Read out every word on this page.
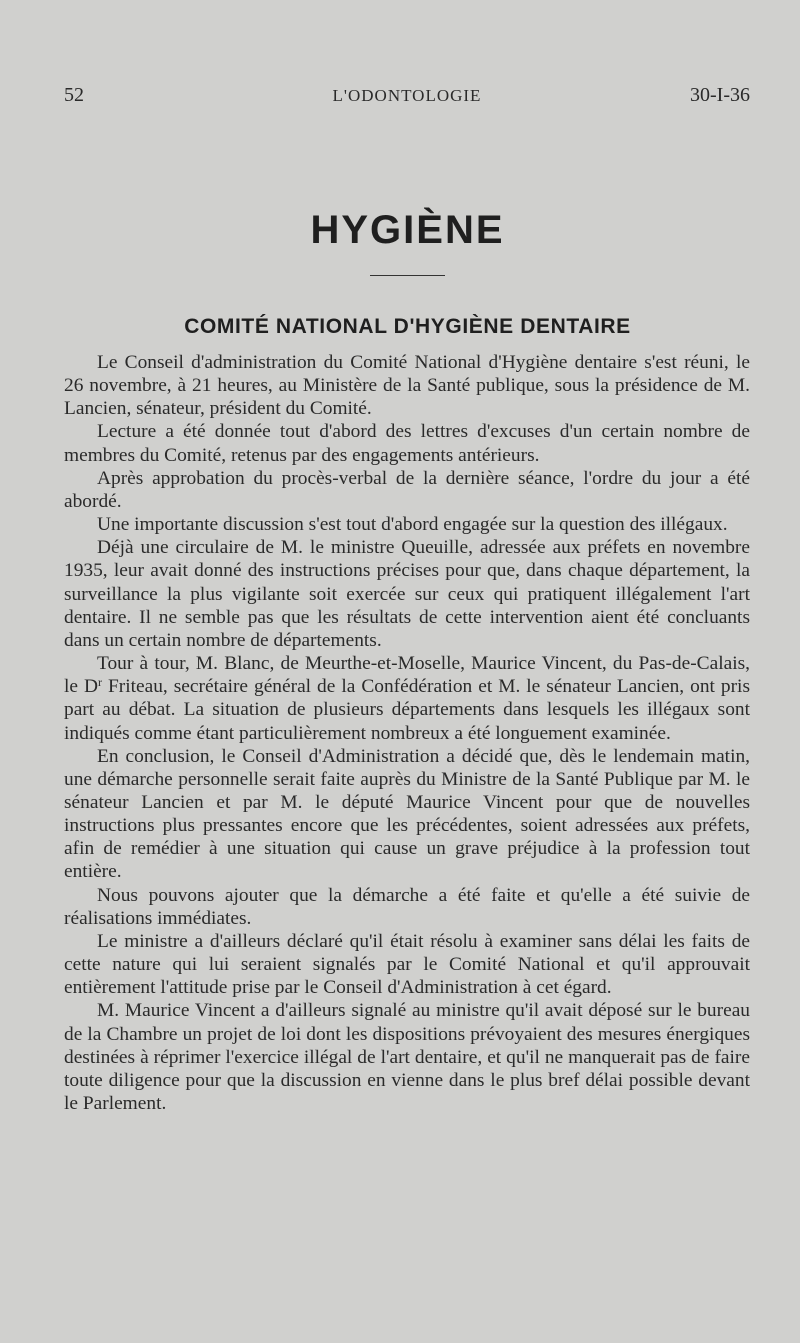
52	L'ODONTOLOGIE	30-I-36
HYGIÈNE
COMITÉ NATIONAL D'HYGIÈNE DENTAIRE

Le Conseil d'administration du Comité National d'Hygiène dentaire s'est réuni, le 26 novembre, à 21 heures, au Ministère de la Santé publique, sous la présidence de M. Lancien, sénateur, président du Comité.

Lecture a été donnée tout d'abord des lettres d'excuses d'un certain nombre de membres du Comité, retenus par des engagements antérieurs.

Après approbation du procès-verbal de la dernière séance, l'ordre du jour a été abordé.

Une importante discussion s'est tout d'abord engagée sur la question des illégaux.

Déjà une circulaire de M. le ministre Queuille, adressée aux préfets en novembre 1935, leur avait donné des instructions précises pour que, dans chaque département, la surveillance la plus vigilante soit exercée sur ceux qui pratiquent illégalement l'art dentaire. Il ne semble pas que les résultats de cette intervention aient été concluants dans un certain nombre de départements.

Tour à tour, M. Blanc, de Meurthe-et-Moselle, Maurice Vincent, du Pas-de-Calais, le $D^r$ Friteau, secrétaire général de la Confédération et M. le sénateur Lancien, ont pris part au débat. La situation de plusieurs départements dans lesquels les illégaux sont indiqués comme étant particulièrement nombreux a été longuement examinée.

En conclusion, le Conseil d'Administration a décidé que, dès le lendemain matin, une démarche personnelle serait faite auprès du Ministre de la Santé Publique par M. le sénateur Lancien et par M. le député Maurice Vincent pour que de nouvelles instructions plus pressantes encore que les précédentes, soient adressées aux préfets, afin de remédier à une situation qui cause un grave préjudice à la profession tout entière.

Nous pouvons ajouter que la démarche a été faite et qu'elle a été suivie de réalisations immédiates.

Le ministre a d'ailleurs déclaré qu'il était résolu à examiner sans délai les faits de cette nature qui lui seraient signalés par le Comité National et qu'il approuvait entièrement l'attitude prise par le Conseil d'Administration à cet égard.

M. Maurice Vincent a d'ailleurs signalé au ministre qu'il avait déposé sur le bureau de la Chambre un projet de loi dont les dispositions prévoyaient des mesures énergiques destinées à réprimer l'exercice illégal de l'art dentaire, et qu'il ne manquerait pas de faire toute diligence pour que la discussion en vienne dans le plus bref délai possible devant le Parlement.
